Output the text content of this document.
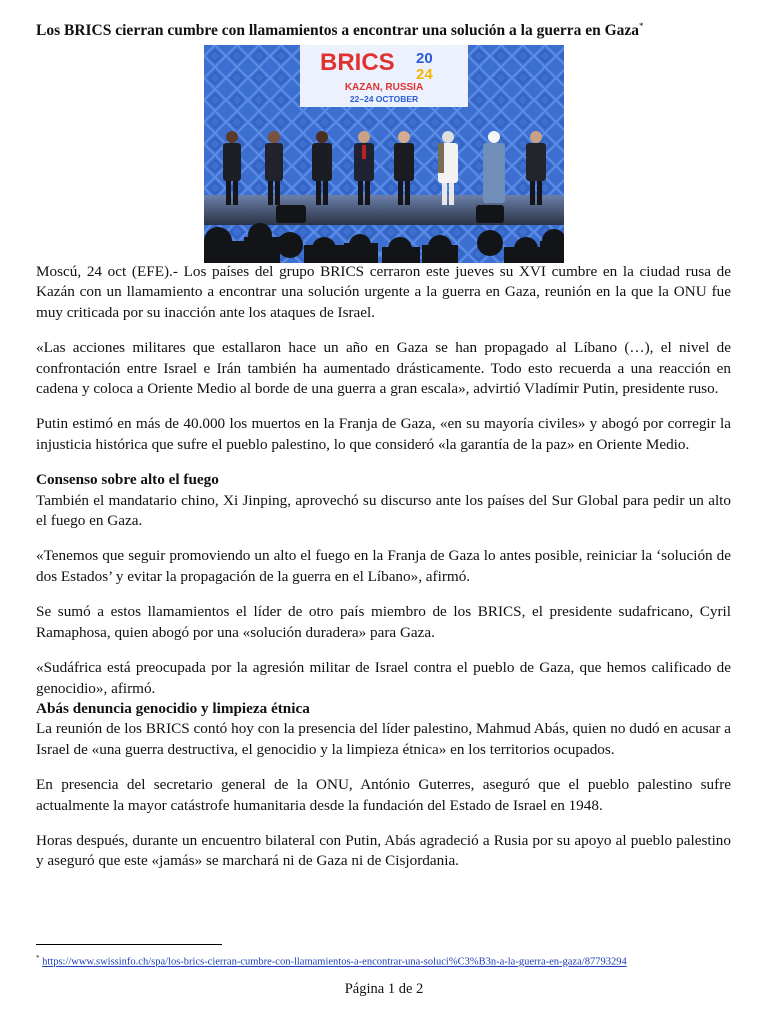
Los BRICS cierran cumbre con llamamientos a encontrar una solución a la guerra en Gaza*
BRICS 20
24
KAZAN, RUSSIA
22–24 OCTOBER

Moscú, 24 oct (EFE).- Los países del grupo BRICS cerraron este jueves su XVI cumbre en la ciudad rusa de Kazán con un llamamiento a encontrar una solución urgente a la guerra en Gaza, reunión en la que la ONU fue muy criticada por su inacción ante los ataques de Israel.

«Las acciones militares que estallaron hace un año en Gaza se han propagado al Líbano (…), el nivel de confrontación entre Israel e Irán también ha aumentado drásticamente. Todo esto recuerda a una reacción en cadena y coloca a Oriente Medio al borde de una guerra a gran escala», advirtió Vladímir Putin, presidente ruso.

Putin estimó en más de 40.000 los muertos en la Franja de Gaza, «en su mayoría civiles» y abogó por corregir la injusticia histórica que sufre el pueblo palestino, lo que consideró «la garantía de la paz» en Oriente Medio.

Consenso sobre alto el fuego

También el mandatario chino, Xi Jinping, aprovechó su discurso ante los países del Sur Global para pedir un alto el fuego en Gaza.

«Tenemos que seguir promoviendo un alto el fuego en la Franja de Gaza lo antes posible, reiniciar la ‘solución de dos Estados’ y evitar la propagación de la guerra en el Líbano», afirmó.

Se sumó a estos llamamientos el líder de otro país miembro de los BRICS, el presidente sudafricano, Cyril Ramaphosa, quien abogó por una «solución duradera» para Gaza.

«Sudáfrica está preocupada por la agresión militar de Israel contra el pueblo de Gaza, que hemos calificado de genocidio», afirmó.

Abás denuncia genocidio y limpieza étnica

La reunión de los BRICS contó hoy con la presencia del líder palestino, Mahmud Abás, quien no dudó en acusar a Israel de «una guerra destructiva, el genocidio y la limpieza étnica» en los territorios ocupados.

En presencia del secretario general de la ONU, António Guterres, aseguró que el pueblo palestino sufre actualmente la mayor catástrofe humanitaria desde la fundación del Estado de Israel en 1948.

Horas después, durante un encuentro bilateral con Putin, Abás agradeció a Rusia por su apoyo al pueblo palestino y aseguró que este «jamás» se marchará ni de Gaza ni de Cisjordania.

* https://www.swissinfo.ch/spa/los-brics-cierran-cumbre-con-llamamientos-a-encontrar-una-soluci%C3%B3n-a-la-guerra-en-gaza/87793294
Página 1 de 2
